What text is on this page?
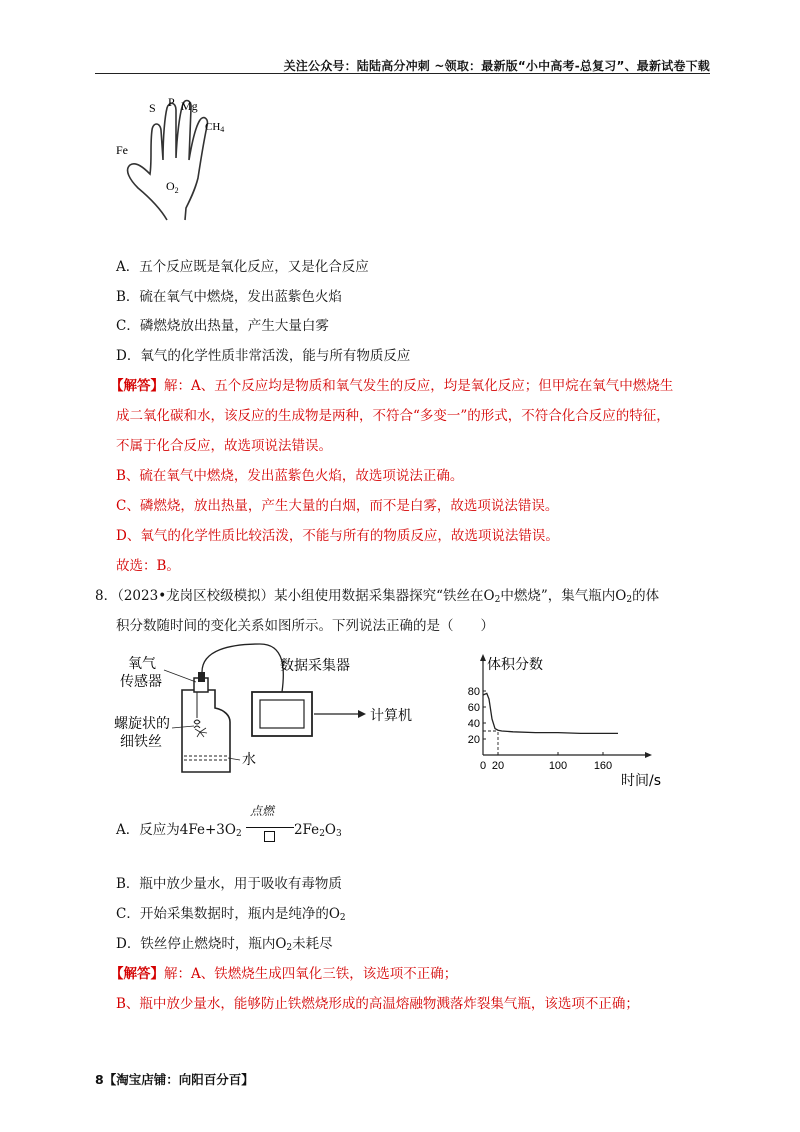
关注公众号：陆陆高分冲刺 ~领取：最新版“小中高考-总复习”、最新试卷下载
S P Mg
CH4
Fe
$O_2$
A．五个反应既是氧化反应，又是化合反应
B．硫在氧气中燃烧，发出蓝紫色火焰
C．磷燃烧放出热量，产生大量白雾
D．氧气的化学性质非常活泼，能与所有物质反应
【解答】解：A、五个反应均是物质和氧气发生的反应，均是氧化反应；但甲烷在氧气中燃烧生
成二氧化碳和水，该反应的生成物是两种，不符合“多变一”的形式，不符合化合反应的特征，
不属于化合反应，故选项说法错误。
B、硫在氧气中燃烧，发出蓝紫色火焰，故选项说法正确。
C、磷燃烧，放出热量，产生大量的白烟，而不是白雾，故选项说法错误。
D、氧气的化学性质比较活泼，不能与所有的物质反应，故选项说法错误。
故选：B。
8．（2023•龙岗区校级模拟）某小组使用数据采集器探究“铁丝在$O_2$中燃烧”，集气瓶内$O_2$的体
积分数随时间的变化关系如图所示。下列说法正确的是（　　）
氧气
传感器
螺旋状的
细铁丝
数据采集器
计算机
水
80
60
40
20
0 20	100 160
体积分数
时间/s
A．反应为$4Fe+3O_2$
点燃
$2Fe_2O_3$
B．瓶中放少量水，用于吸收有毒物质
C．开始采集数据时，瓶内是纯净的$O_2$
D．铁丝停止燃烧时，瓶内$O_2$未耗尽
【解答】解：A、铁燃烧生成四氧化三铁，该选项不正确；
B、瓶中放少量水，能够防止铁燃烧形成的高温熔融物溅落炸裂集气瓶，该选项不正确；
8【淘宝店铺：向阳百分百】
